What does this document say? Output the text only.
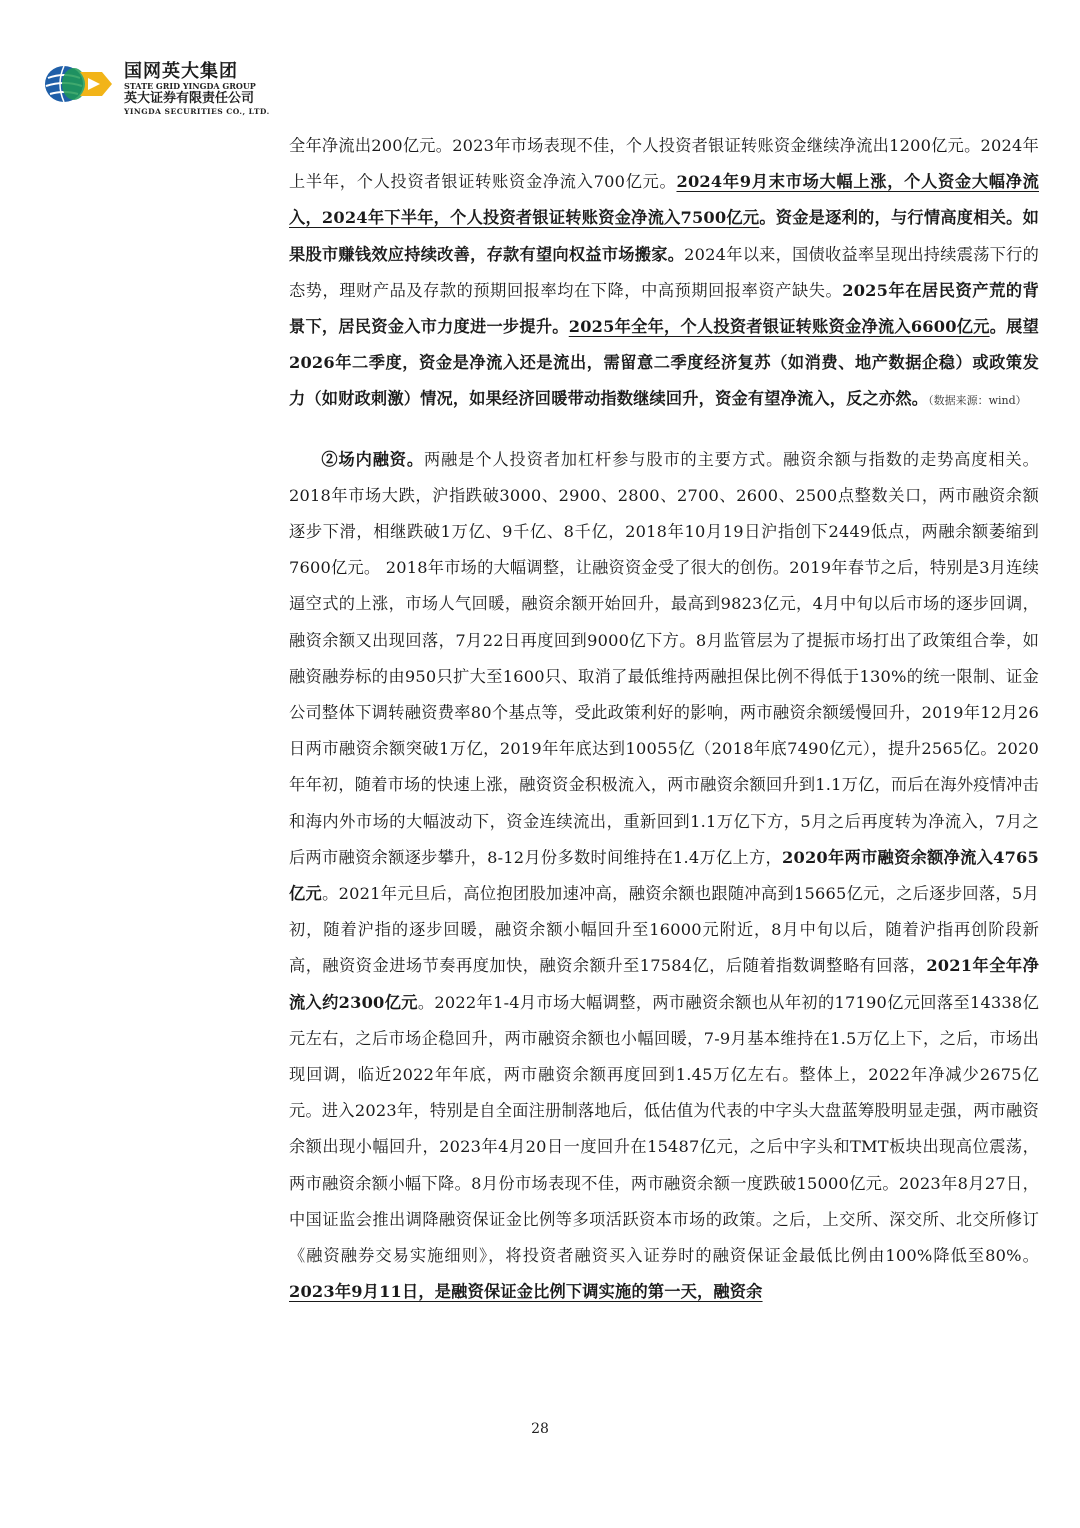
国网英大集团
STATE GRID YINGDA GROUP
英大证券有限责任公司
YINGDA SECURITIES CO., LTD.

全年净流出200亿元。2023年市场表现不佳，个人投资者银证转账资金继续净流出1200亿元。2024年上半年，个人投资者银证转账资金净流入700亿元。2024年9月末市场大幅上涨，个人资金大幅净流入，2024年下半年，个人投资者银证转账资金净流入7500亿元。资金是逐利的，与行情高度相关。如果股市赚钱效应持续改善，存款有望向权益市场搬家。2024年以来，国债收益率呈现出持续震荡下行的态势，理财产品及存款的预期回报率均在下降，中高预期回报率资产缺失。2025年在居民资产荒的背景下，居民资金入市力度进一步提升。2025年全年，个人投资者银证转账资金净流入6600亿元。展望2026年二季度，资金是净流入还是流出，需留意二季度经济复苏（如消费、地产数据企稳）或政策发力（如财政刺激）情况，如果经济回暖带动指数继续回升，资金有望净流入，反之亦然。（数据来源：wind）

②场内融资。两融是个人投资者加杠杆参与股市的主要方式。融资余额与指数的走势高度相关。2018年市场大跌，沪指跌破3000、2900、2800、2700、2600、2500点整数关口，两市融资余额逐步下滑，相继跌破1万亿、9千亿、8千亿，2018年10月19日沪指创下2449低点，两融余额萎缩到7600亿元。 2018年市场的大幅调整，让融资资金受了很大的创伤。2019年春节之后，特别是3月连续逼空式的上涨，市场人气回暖，融资余额开始回升，最高到9823亿元，4月中旬以后市场的逐步回调，融资余额又出现回落，7月22日再度回到9000亿下方。8月监管层为了提振市场打出了政策组合拳，如融资融券标的由950只扩大至1600只、取消了最低维持两融担保比例不得低于130%的统一限制、证金公司整体下调转融资费率80个基点等，受此政策利好的影响，两市融资余额缓慢回升，2019年12月26日两市融资余额突破1万亿，2019年年底达到10055亿（2018年底7490亿元），提升2565亿。2020年年初，随着市场的快速上涨，融资资金积极流入，两市融资余额回升到1.1万亿，而后在海外疫情冲击和海内外市场的大幅波动下，资金连续流出，重新回到1.1万亿下方，5月之后再度转为净流入，7月之后两市融资余额逐步攀升，8-12月份多数时间维持在1.4万亿上方，2020年两市融资余额净流入4765亿元。2021年元旦后，高位抱团股加速冲高，融资余额也跟随冲高到15665亿元，之后逐步回落，5月初，随着沪指的逐步回暖，融资余额小幅回升至16000元附近，8月中旬以后，随着沪指再创阶段新高，融资资金进场节奏再度加快，融资余额升至17584亿，后随着指数调整略有回落，2021年全年净流入约2300亿元。2022年1-4月市场大幅调整，两市融资余额也从年初的17190亿元回落至14338亿元左右，之后市场企稳回升，两市融资余额也小幅回暖，7-9月基本维持在1.5万亿上下，之后，市场出现回调，临近2022年年底，两市融资余额再度回到1.45万亿左右。整体上，2022年净减少2675亿元。进入2023年，特别是自全面注册制落地后，低估值为代表的中字头大盘蓝筹股明显走强，两市融资余额出现小幅回升，2023年4月20日一度回升在15487亿元，之后中字头和TMT板块出现高位震荡，两市融资余额小幅下降。8月份市场表现不佳，两市融资余额一度跌破15000亿元。2023年8月27日，中国证监会推出调降融资保证金比例等多项活跃资本市场的政策。之后，上交所、深交所、北交所修订《融资融券交易实施细则》，将投资者融资买入证券时的融资保证金最低比例由100%降低至80%。2023年9月11日，是融资保证金比例下调实施的第一天，融资余

28
